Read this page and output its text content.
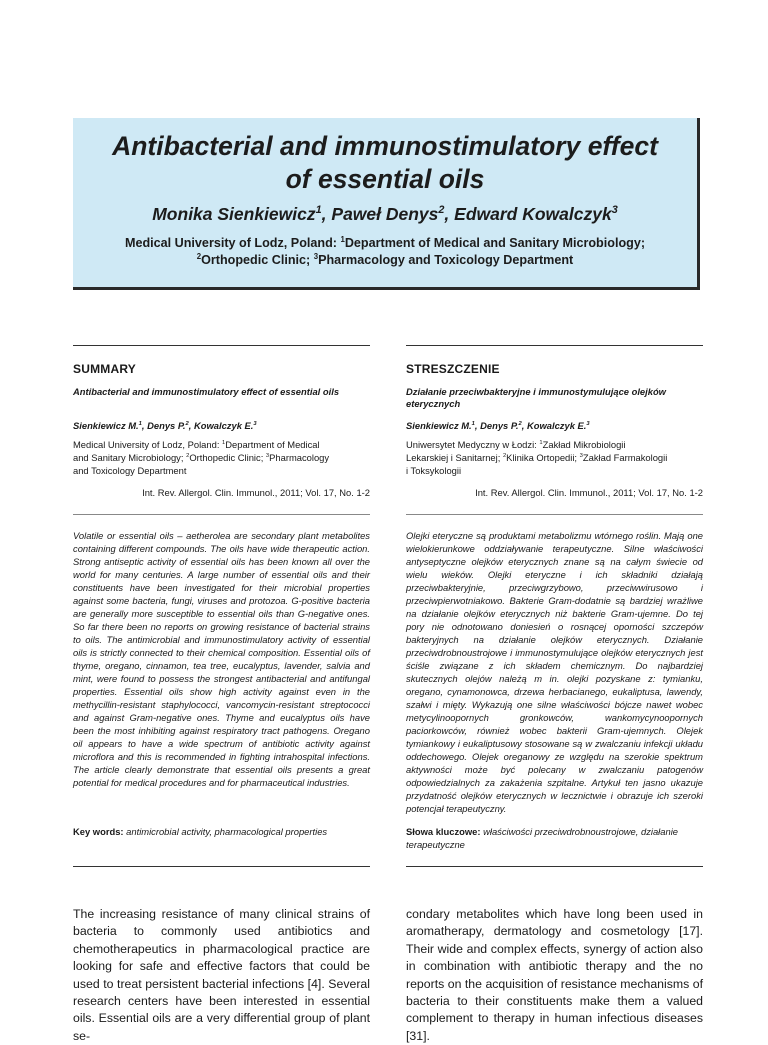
Antibacterial and immunostimulatory effect
of essential oils
Monika Sienkiewicz$^1$, Paweł Denys$^2$, Edward Kowalczyk$^3$
Medical University of Lodz, Poland: $^1$Department of Medical and Sanitary Microbiology;
$^2$Orthopedic Clinic; $^3$Pharmacology and Toxicology Department
SUMMARY
Antibacterial and immunostimulatory effect of essential oils
Sienkiewicz M.$^1$, Denys P.$^2$, Kowalczyk E.$^3$
Medical University of Lodz, Poland: $^1$Department of Medical
and Sanitary Microbiology; $^2$Orthopedic Clinic; $^3$Pharmacology
and Toxicology Department
Int. Rev. Allergol. Clin. Immunol., 2011; Vol. 17, No. 1-2
Volatile or essential oils – aetherolea are secondary plant metabolites containing different compounds. The oils have wide therapeutic action. Strong antiseptic activity of essential oils has been known all over the world for many centuries. A large number of essential oils and their constituents have been investigated for their microbial properties against some bacteria, fungi, viruses and protozoa. G-positive bacteria are generally more susceptible to essential oils than G-negative ones. So far there been no reports on growing resistance of bacterial strains to oils. The antimicrobial and immunostimulatory activity of essential oils is strictly connected to their chemical composition. Essential oils of thyme, oregano, cinnamon, tea tree, eucalyptus, lavender, salvia and mint, were found to possess the strongest antibacterial and antifungal properties. Essential oils show high activity against even in the methycillin-resistant staphylococci, vancomycin-resistant streptococci and against Gram-negative ones. Thyme and eucalyptus oils have been the most inhibiting against respiratory tract pathogens. Oregano oil appears to have a wide spectrum of antibiotic activity against microflora and this is recommended in fighting intrahospital infections. The article clearly demonstrate that essential oils presents a great potential for medical procedures and for pharmaceutical industries.
Key words: antimicrobial activity, pharmacological properties
STRESZCZENIE
Działanie przeciwbakteryjne i immunostymulujące olejków eterycznych
Sienkiewicz M.$^1$, Denys P.$^2$, Kowalczyk E.$^3$
Uniwersytet Medyczny w Łodzi: $^1$Zakład Mikrobiologii
Lekarskiej i Sanitarnej; $^2$Klinika Ortopedii; $^3$Zakład Farmakologii
i Toksykologii
Int. Rev. Allergol. Clin. Immunol., 2011; Vol. 17, No. 1-2
Olejki eteryczne są produktami metabolizmu wtórnego roślin. Mają one wielokierunkowe oddziaływanie terapeutyczne. Silne właściwości antyseptyczne olejków eterycznych znane są na całym świecie od wielu wieków. Olejki eteryczne i ich składniki działają przeciwbakteryjnie, przeciwgrzybowo, przeciwwirusowo i przeciwpierwotniakowo. Bakterie Gram-dodatnie są bardziej wrażliwe na działanie olejków eterycznych niż bakterie Gram-ujemne. Do tej pory nie odnotowano doniesień o rosnącej oporności szczepów bakteryjnych na działanie olejków eterycznych. Działanie przeciwdrobnoustrojowe i immunostymulujące olejków eterycznych jest ściśle związane z ich składem chemicznym. Do najbardziej skutecznych olejów należą m in. olejki pozyskane z: tymianku, oregano, cynamonowca, drzewa herbacianego, eukaliptusa, lawendy, szałwi i mięty. Wykazują one silne właściwości bójcze nawet wobec metycylinoopornych gronkowców, wankomycynoopornych paciorkowców, również wobec bakterii Gram-ujemnych. Olejek tymiankowy i eukaliptusowy stosowane są w zwalczaniu infekcji układu oddechowego. Olejek oreganowy ze względu na szerokie spektrum aktywności może być polecany w zwalczaniu patogenów odpowiedzialnych za zakażenia szpitalne. Artykuł ten jasno ukazuje przydatność olejków eterycznych w lecznictwie i obrazuje ich szeroki potencjał terapeutyczny.
Słowa kluczowe: właściwości przeciwdrobnoustrojowe, działanie terapeutyczne
The increasing resistance of many clinical strains of bacteria to commonly used antibiotics and chemotherapeutics in pharmacological practice are looking for safe and effective factors that could be used to treat persistent bacterial infections [4]. Several research centers have been interested in essential oils. Essential oils are a very differential group of plant se-
condary metabolites which have long been used in aromatherapy, dermatology and cosmetology [17]. Their wide and complex effects, synergy of action also in combination with antibiotic therapy and the no reports on the acquisition of resistance mechanisms of bacteria to their constituents make them a valued complement to therapy in human infectious diseases [31].
